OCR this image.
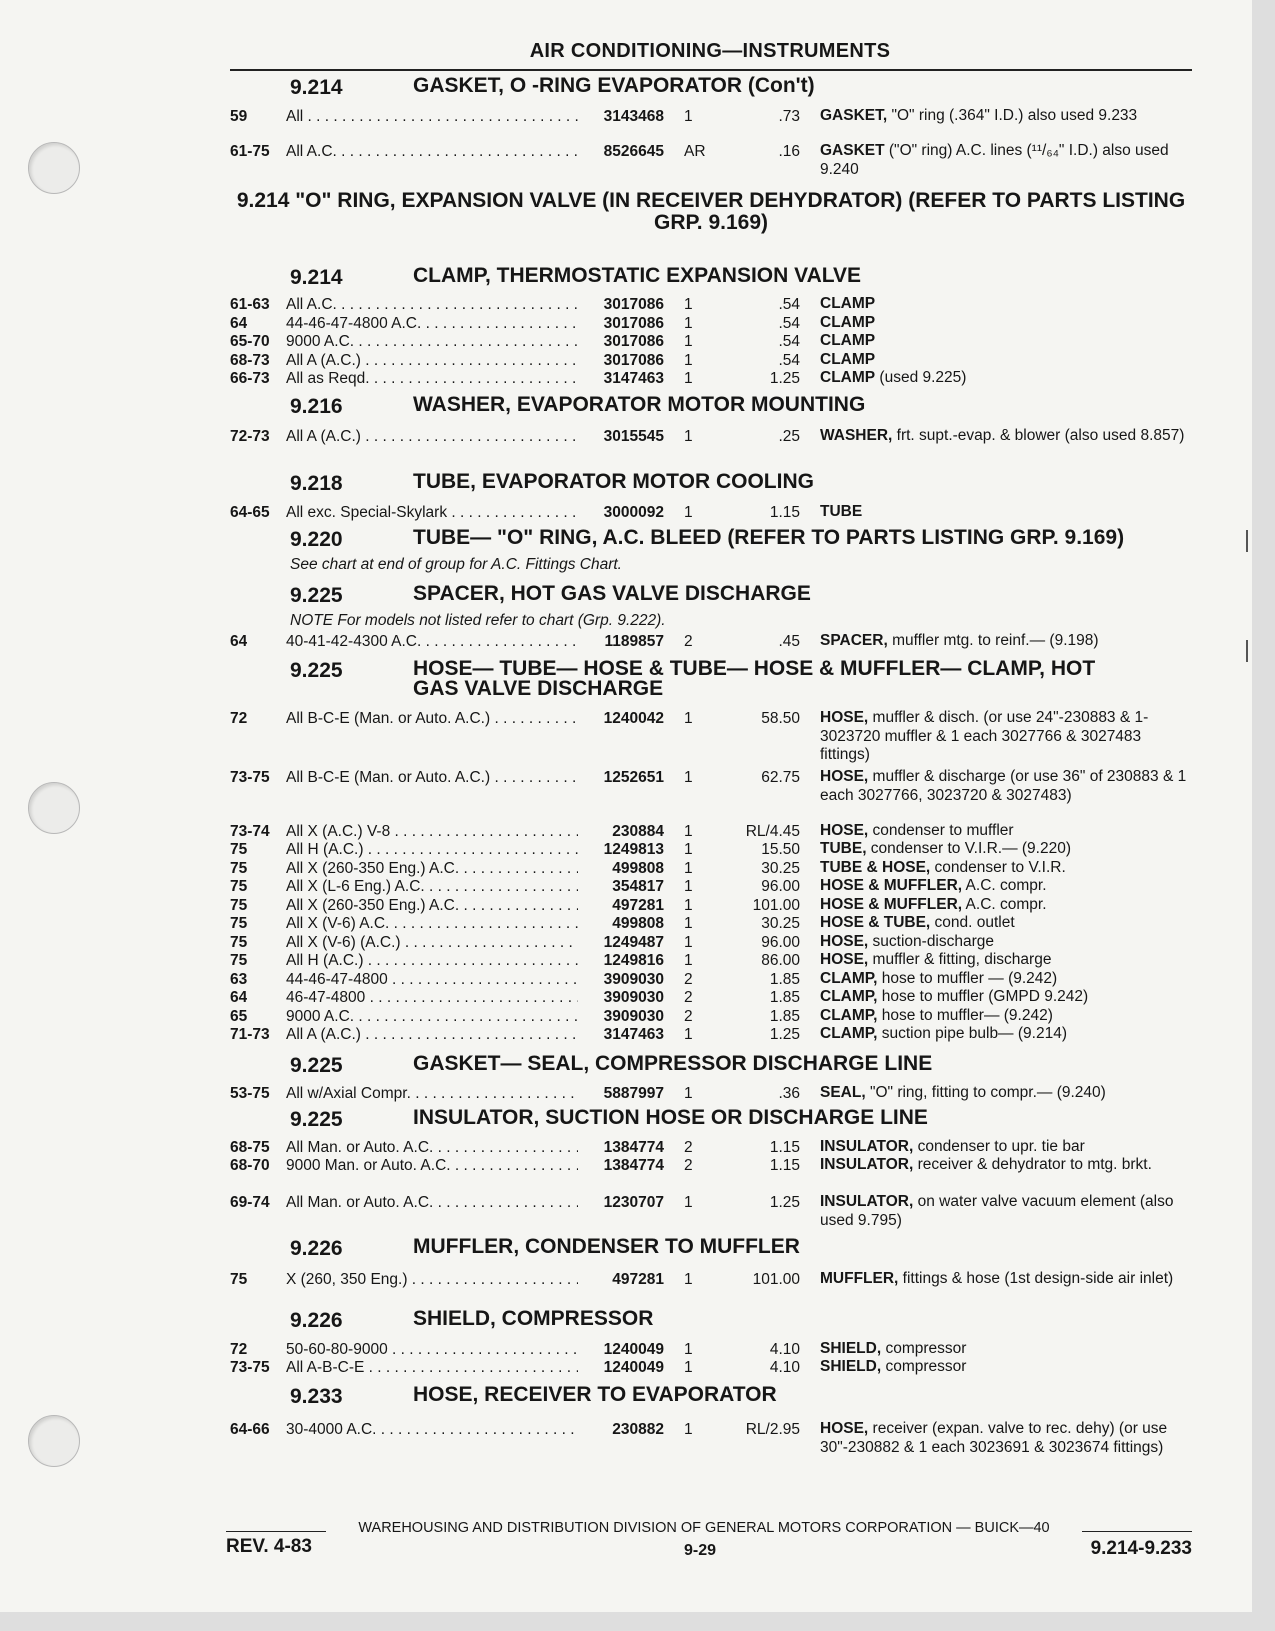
AIR CONDITIONING—INSTRUMENTS
9.214	GASKET, O -RING EVAPORATOR (Con't)
59	All . . .	3143468 1	.73 GASKET, "O" ring (.364" I.D.) also used 9.233
61-75 All A.C. . . .	8526645 AR	.16 GASKET ("O" ring) A.C. lines (¹¹/₆₄" I.D.) also used 9.240
9.214 "O" RING, EXPANSION VALVE (IN RECEIVER DEHYDRATOR) (REFER TO PARTS LISTING GRP. 9.169)
9.214	CLAMP, THERMOSTATIC EXPANSION VALVE
61-63 All A.C. . . .	3017086 1	.54 CLAMP
64	44-46-47-4800 A.C. . . .	3017086 1	.54 CLAMP
65-70 9000 A.C. . . .	3017086 1	.54 CLAMP
68-73 All A (A.C.) . . .	3017086 1	.54 CLAMP
66-73 All as Reqd. . . .	3147463 1	1.25 CLAMP (used 9.225)
9.216	WASHER, EVAPORATOR MOTOR MOUNTING
72-73 All A (A.C.) . . .	3015545 1	.25 WASHER, frt. supt.-evap. & blower (also used 8.857)
9.218	TUBE, EVAPORATOR MOTOR COOLING
64-65 All exc. Special-Skylark . . .	3000092 1	1.15 TUBE
9.220	TUBE— "O" RING, A.C. BLEED (REFER TO PARTS LISTING GRP. 9.169)
See chart at end of group for A.C. Fittings Chart.
9.225	SPACER, HOT GAS VALVE DISCHARGE
NOTE For models not listed refer to chart (Grp. 9.222).
64	40-41-42-4300 A.C. . . .	1189857 2	.45 SPACER, muffler mtg. to reinf.— (9.198)
9.225	HOSE— TUBE— HOSE & TUBE— HOSE & MUFFLER— CLAMP, HOT GAS VALVE DISCHARGE
72	All B-C-E (Man. or Auto. A.C.) . . .	1240042 1	58.50 HOSE, muffler & disch. (or use 24"-230883 & 1-3023720 muffler & 1 each 3027766 & 3027483 fittings)
73-75 All B-C-E (Man. or Auto. A.C.) . . .	1252651 1	62.75 HOSE, muffler & discharge (or use 36" of 230883 & 1 each 3027766, 3023720 & 3027483)
73-74 All X (A.C.) V-8 . . .	230884 1	RL/4.45 HOSE, condenser to muffler
75	All H (A.C.) . . .	1249813 1	15.50 TUBE, condenser to V.I.R.— (9.220)
75	All X (260-350 Eng.) A.C. . . .	499808 1	30.25 TUBE & HOSE, condenser to V.I.R.
75	All X (L-6 Eng.) A.C. . . .	354817 1	96.00 HOSE & MUFFLER, A.C. compr.
75	All X (260-350 Eng.) A.C. . . .	497281 1	101.00 HOSE & MUFFLER, A.C. compr.
75	All X (V-6) A.C. . . .	499808 1	30.25 HOSE & TUBE, cond. outlet
75	All X (V-6) (A.C.) . . .	1249487 1	96.00 HOSE, suction-discharge
75	All H (A.C.) . . .	1249816 1	86.00 HOSE, muffler & fitting, discharge
63	44-46-47-4800 . . .	3909030 2	1.85 CLAMP, hose to muffler — (9.242)
64	46-47-4800 . . .	3909030 2	1.85 CLAMP, hose to muffler (GMPD 9.242)
65	9000 A.C. . . .	3909030 2	1.85 CLAMP, hose to muffler— (9.242)
71-73 All A (A.C.) . . .	3147463 1	1.25 CLAMP, suction pipe bulb— (9.214)
9.225	GASKET— SEAL, COMPRESSOR DISCHARGE LINE
53-75 All w/Axial Compr. . . .	5887997 1	.36 SEAL, "O" ring, fitting to compr.— (9.240)
9.225	INSULATOR, SUCTION HOSE OR DISCHARGE LINE
68-75 All Man. or Auto. A.C. . . .	1384774 2	1.15 INSULATOR, condenser to upr. tie bar
68-70 9000 Man. or Auto. A.C. . . .	1384774 2	1.15 INSULATOR, receiver & dehydrator to mtg. brkt.
69-74 All Man. or Auto. A.C. . . .	1230707 1	1.25 INSULATOR, on water valve vacuum element (also used 9.795)
9.226	MUFFLER, CONDENSER TO MUFFLER
75	X (260, 350 Eng.) . . .	497281 1	101.00 MUFFLER, fittings & hose (1st design-side air inlet)
9.226	SHIELD, COMPRESSOR
72	50-60-80-9000 . . .	1240049 1	4.10 SHIELD, compressor
73-75 All A-B-C-E . . .	1240049 1	4.10 SHIELD, compressor
9.233	HOSE, RECEIVER TO EVAPORATOR
64-66 30-4000 A.C. . . .	230882 1	RL/2.95 HOSE, receiver (expan. valve to rec. dehy) (or use 30"-230882 & 1 each 3023691 & 3023674 fittings)
WAREHOUSING AND DISTRIBUTION DIVISION OF GENERAL MOTORS CORPORATION — BUICK—40
REV. 4-83	9-29	9.214-9.233
